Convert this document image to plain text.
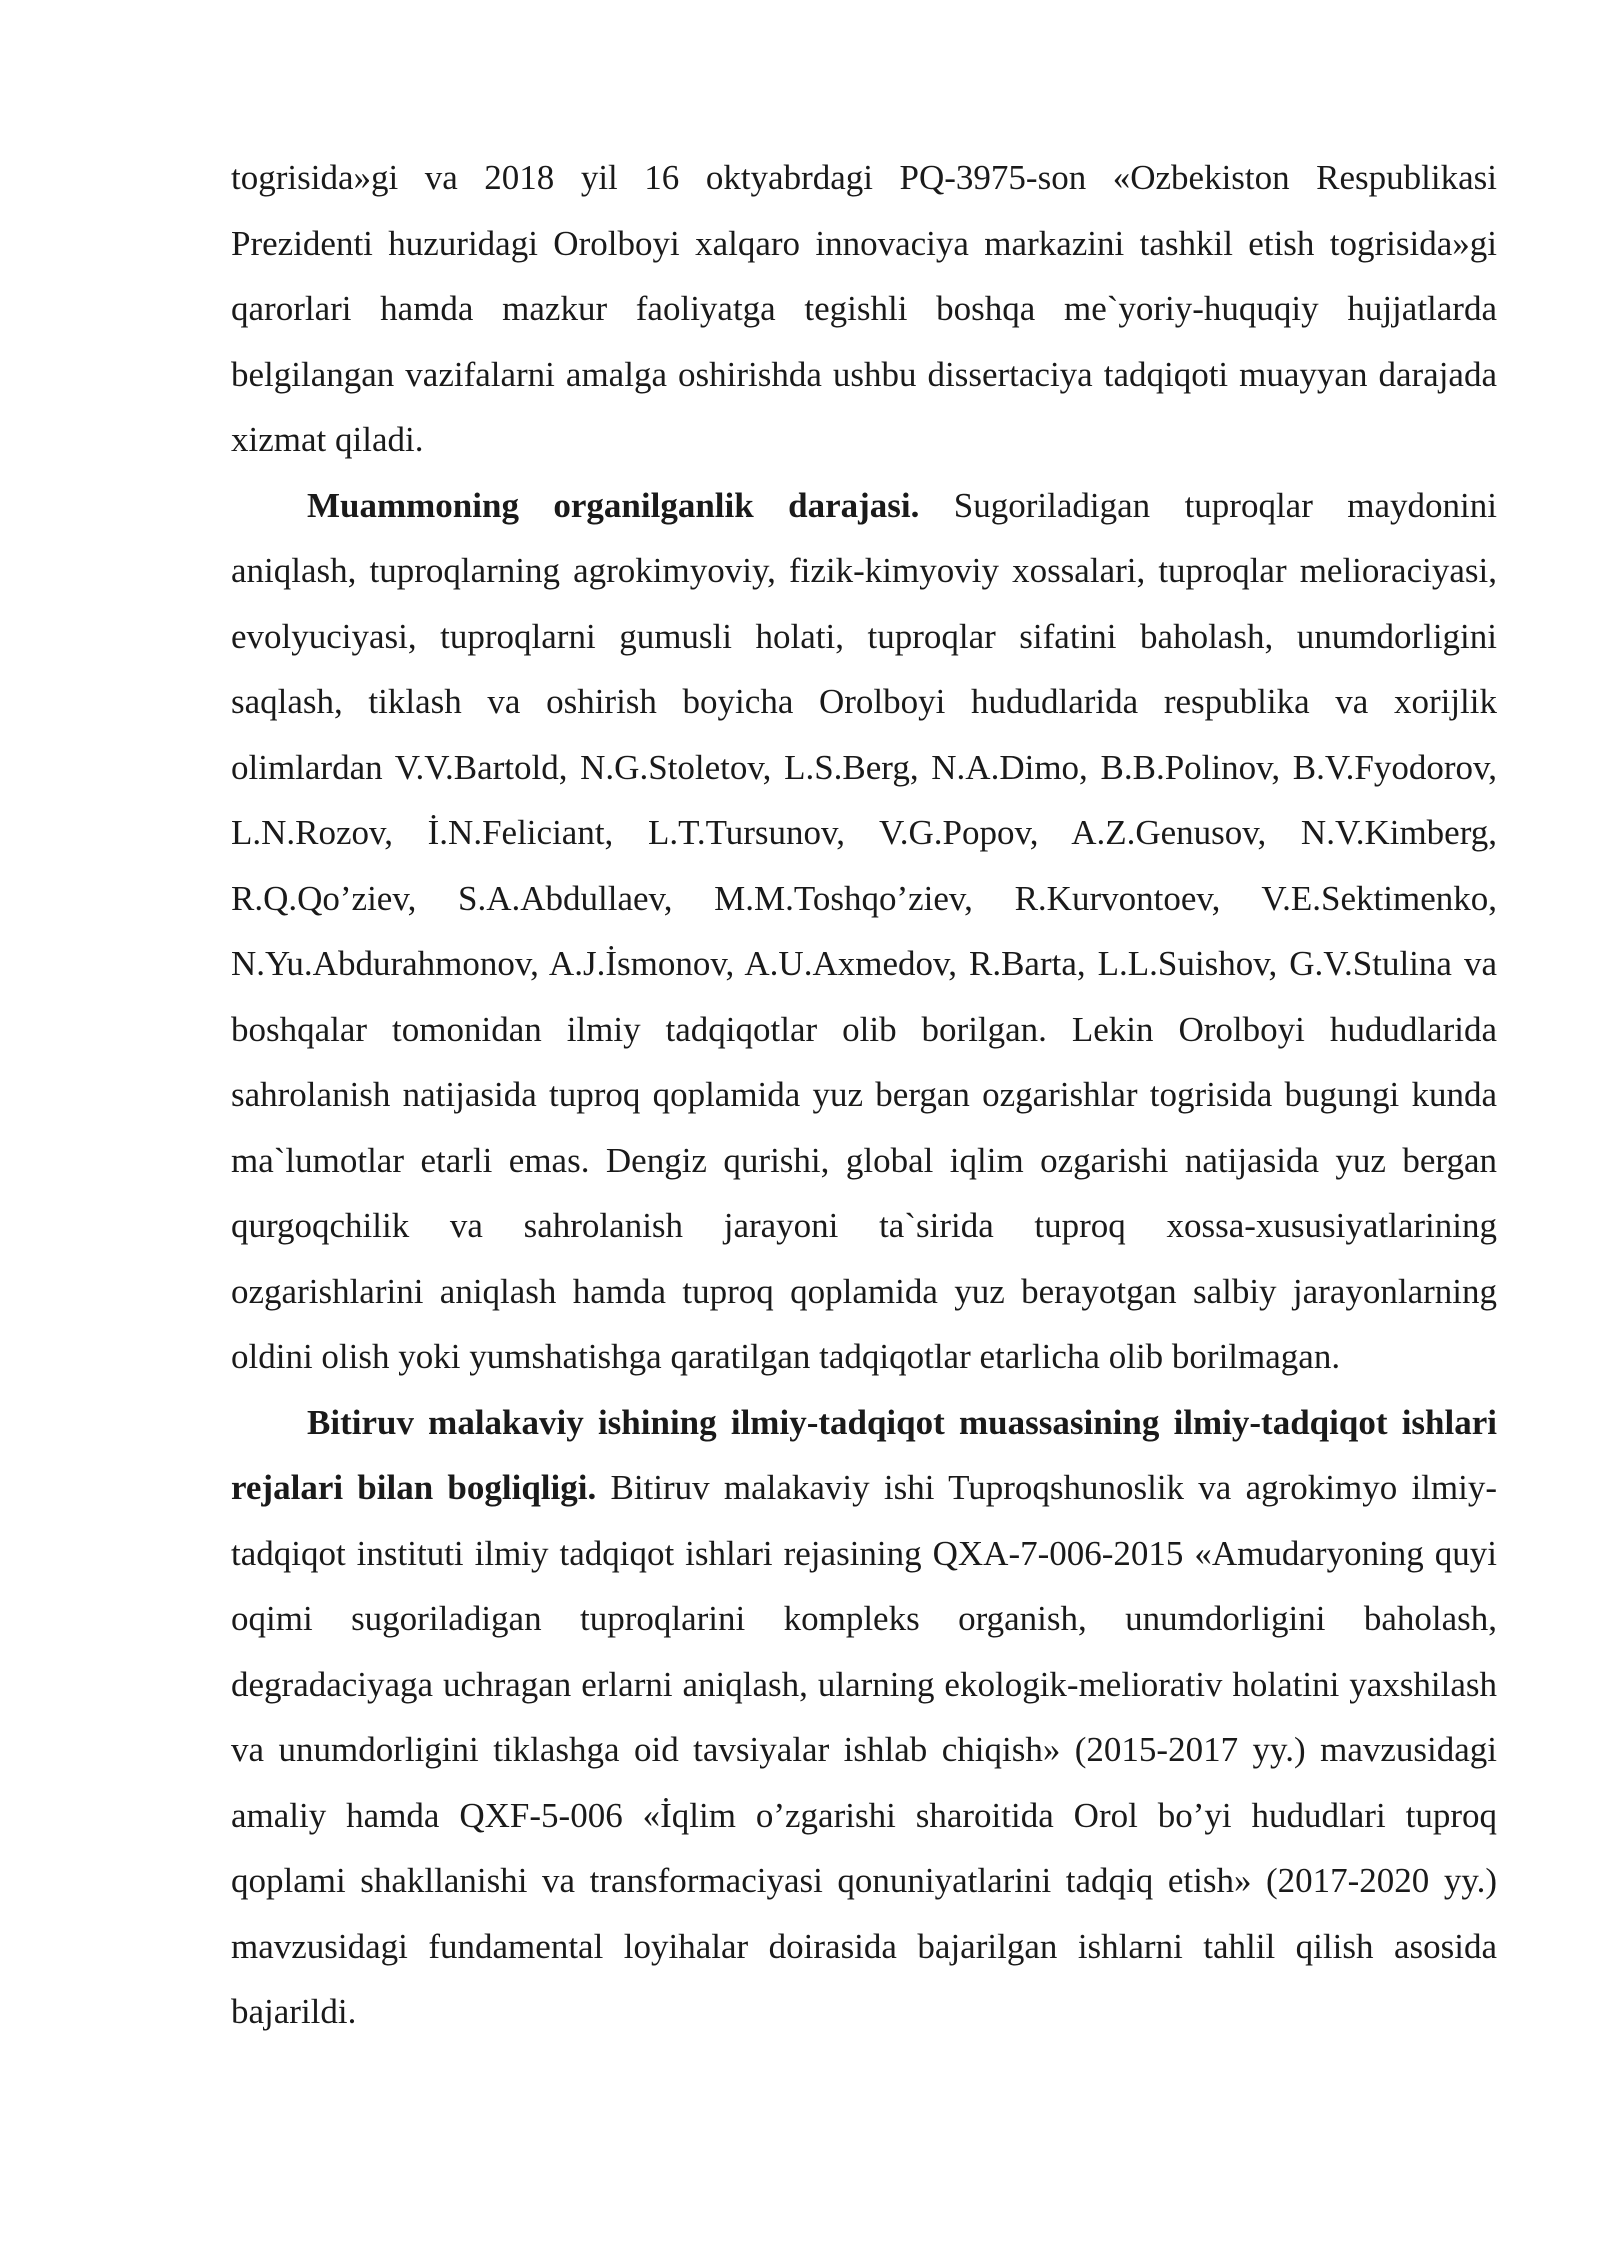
togrisida»gi va 2018 yil 16 oktyabrdagi PQ-3975-son «Ozbekiston Respublikasi Prezidenti huzuridagi Orolboyi xalqaro innovaciya markazini tashkil etish togrisida»gi qarorlari hamda mazkur faoliyatga tegishli boshqa me`yoriy-huquqiy hujjatlarda belgilangan vazifalarni amalga oshirishda ushbu dissertaciya tadqiqoti muayyan darajada xizmat qiladi.

Muammoning organilganlik darajasi. Sugoriladigan tuproqlar maydonini aniqlash, tuproqlarning agrokimyoviy, fizik-kimyoviy xossalari, tuproqlar melioraciyasi, evolyuciyasi, tuproqlarni gumusli holati, tuproqlar sifatini baholash, unumdorligini saqlash, tiklash va oshirish boyicha Orolboyi hududlarida respublika va xorijlik olimlardan V.V.Bartold, N.G.Stoletov, L.S.Berg, N.A.Dimo, B.B.Polinov, B.V.Fyodorov, L.N.Rozov, İ.N.Feliciant, L.T.Tursunov, V.G.Popov, A.Z.Genusov, N.V.Kimberg, R.Q.Qo’ziev, S.A.Abdullaev, M.M.Toshqo’ziev, R.Kurvontoev, V.E.Sektimenko, N.Yu.Abdurahmonov, A.J.İsmonov, A.U.Axmedov, R.Barta, L.L.Suishov, G.V.Stulina va boshqalar tomonidan ilmiy tadqiqotlar olib borilgan. Lekin Orolboyi hududlarida sahrolanish natijasida tuproq qoplamida yuz bergan ozgarishlar togrisida bugungi kunda ma`lumotlar etarli emas. Dengiz qurishi, global iqlim ozgarishi natijasida yuz bergan qurgoqchilik va sahrolanish jarayoni ta`sirida tuproq xossa-xususiyatlarining ozgarishlarini aniqlash hamda tuproq qoplamida yuz berayotgan salbiy jarayonlarning oldini olish yoki yumshatishga qaratilgan tadqiqotlar etarlicha olib borilmagan.

Bitiruv malakaviy ishining ilmiy-tadqiqot muassasining ilmiy-tadqiqot ishlari rejalari bilan bogliqligi. Bitiruv malakaviy ishi Tuproqshunoslik va agrokimyo ilmiy-tadqiqot instituti ilmiy tadqiqot ishlari rejasining QXA-7-006-2015 «Amudaryoning quyi oqimi sugoriladigan tuproqlarini kompleks organish, unumdorligini baholash, degradaciyaga uchragan erlarni aniqlash, ularning ekologik-meliorativ holatini yaxshilash va unumdorligini tiklashga oid tavsiyalar ishlab chiqish» (2015-2017 yy.) mavzusidagi amaliy hamda QXF-5-006 «İqlim o’zgarishi sharoitida Orol bo’yi hududlari tuproq qoplami shakllanishi va transformaciyasi qonuniyatlarini tadqiq etish» (2017-2020 yy.) mavzusidagi fundamental loyihalar doirasida bajarilgan ishlarni tahlil qilish asosida bajarildi.
